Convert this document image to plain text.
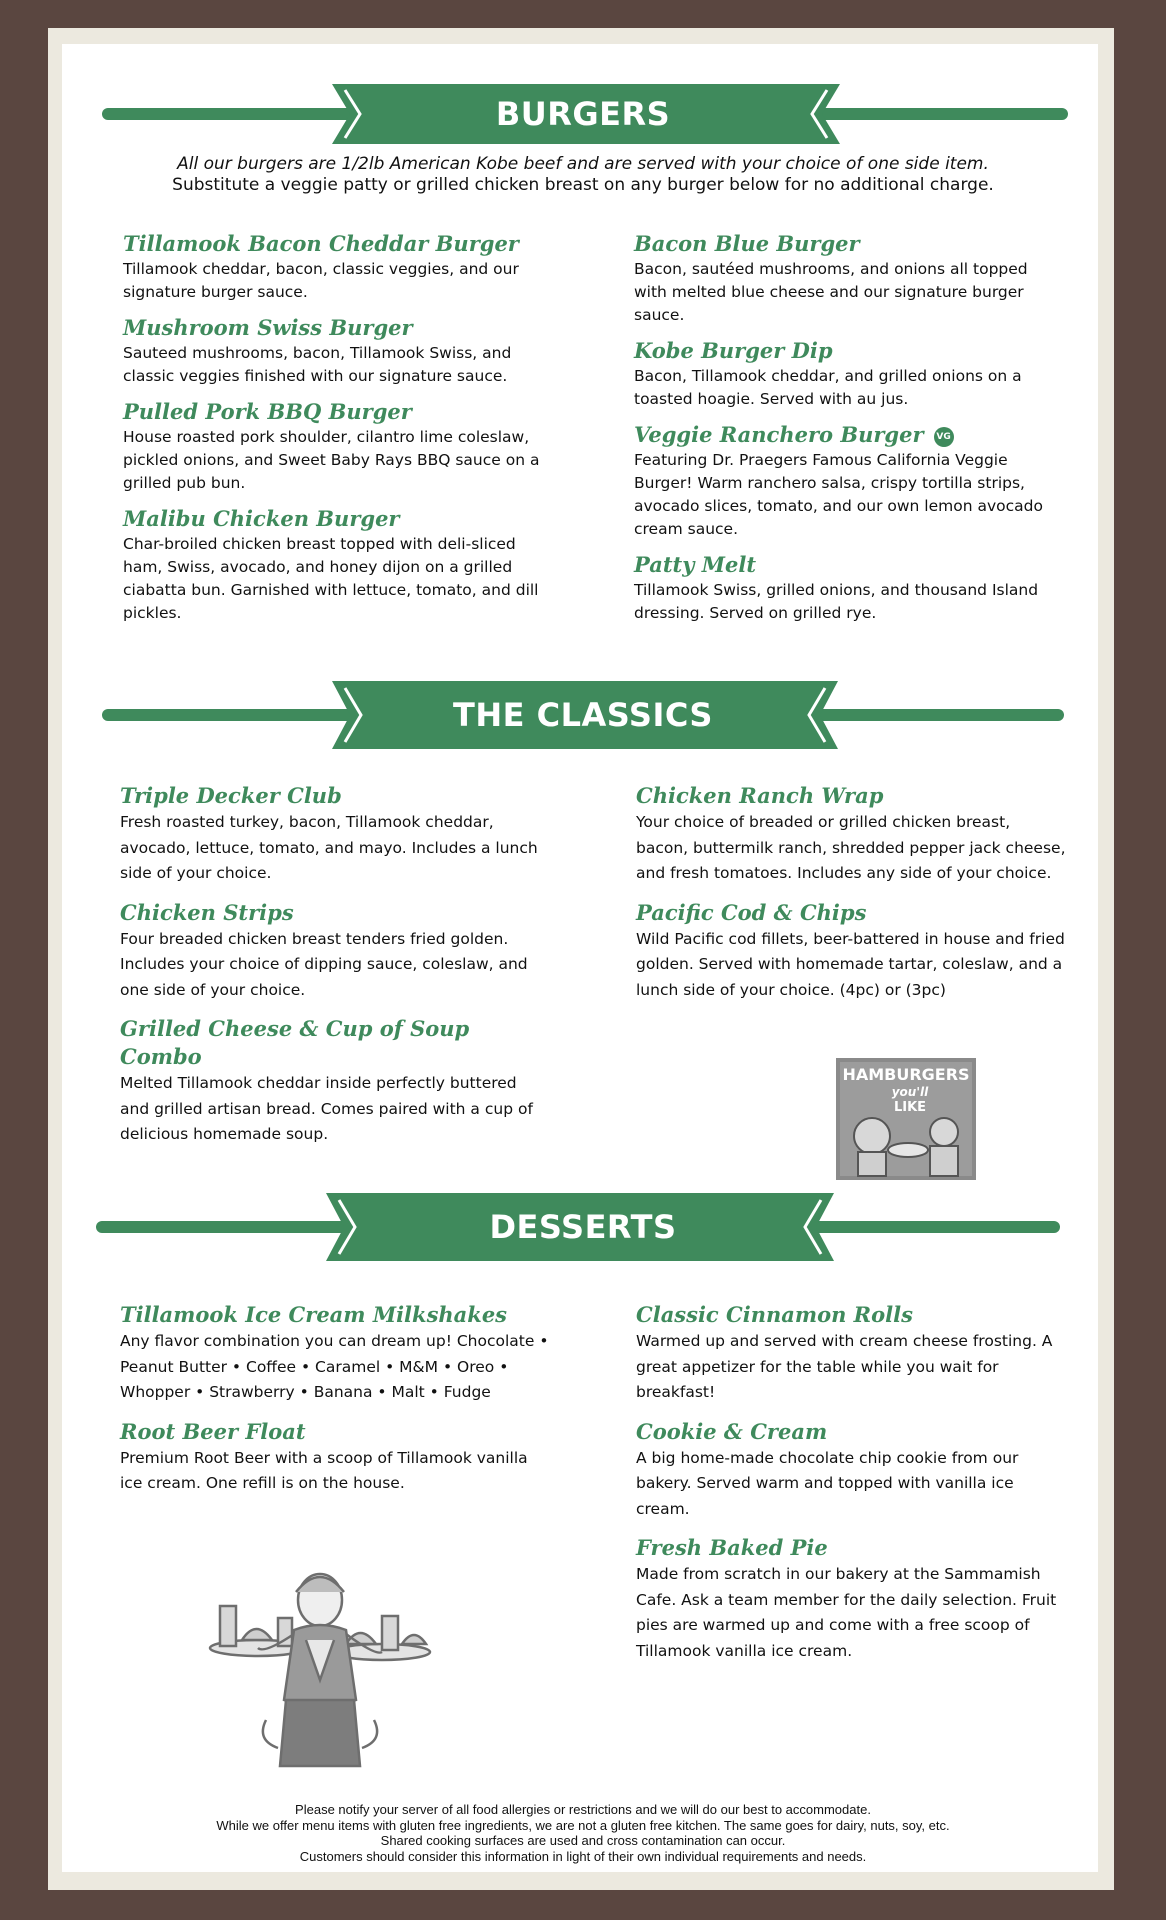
BURGERS
All our burgers are 1/2lb American Kobe beef and are served with your choice of one side item.
Substitute a veggie patty or grilled chicken breast on any burger below for no additional charge.
Tillamook Bacon Cheddar Burger
Tillamook cheddar, bacon, classic veggies, and our signature burger sauce.
Mushroom Swiss Burger
Sauteed mushrooms, bacon, Tillamook Swiss, and classic veggies finished with our signature sauce.
Pulled Pork BBQ Burger
House roasted pork shoulder, cilantro lime coleslaw, pickled onions, and Sweet Baby Rays BBQ sauce on a grilled pub bun.
Malibu Chicken Burger
Char-broiled chicken breast topped with deli-sliced ham, Swiss, avocado, and honey dijon on a grilled ciabatta bun. Garnished with lettuce, tomato, and dill pickles.
Bacon Blue Burger
Bacon, sautéed mushrooms, and onions all topped with melted blue cheese and our signature burger sauce.
Kobe Burger Dip
Bacon, Tillamook cheddar, and grilled onions on a toasted hoagie. Served with au jus.
Veggie Ranchero Burger VG
Featuring Dr. Praegers Famous California Veggie Burger! Warm ranchero salsa, crispy tortilla strips, avocado slices, tomato, and our own lemon avocado cream sauce.
Patty Melt
Tillamook Swiss, grilled onions, and thousand Island dressing. Served on grilled rye.
THE CLASSICS
Triple Decker Club
Fresh roasted turkey, bacon, Tillamook cheddar, avocado, lettuce, tomato, and mayo. Includes a lunch side of your choice.
Chicken Strips
Four breaded chicken breast tenders fried golden. Includes your choice of dipping sauce, coleslaw, and one side of your choice.
Grilled Cheese & Cup of Soup Combo
Melted Tillamook cheddar inside perfectly buttered and grilled artisan bread. Comes paired with a cup of delicious homemade soup.
Chicken Ranch Wrap
Your choice of breaded or grilled chicken breast, bacon, buttermilk ranch, shredded pepper jack cheese, and fresh tomatoes. Includes any side of your choice.
Pacific Cod & Chips
Wild Pacific cod fillets, beer-battered in house and fried golden. Served with homemade tartar, coleslaw, and a lunch side of your choice. (4pc) or (3pc)
HAMBURGERS
you'll
LIKE
DESSERTS
Tillamook Ice Cream Milkshakes
Any flavor combination you can dream up! Chocolate • Peanut Butter • Coffee • Caramel • M&M • Oreo • Whopper • Strawberry • Banana • Malt • Fudge
Root Beer Float
Premium Root Beer with a scoop of Tillamook vanilla ice cream. One refill is on the house.
Classic Cinnamon Rolls
Warmed up and served with cream cheese frosting. A great appetizer for the table while you wait for breakfast!
Cookie & Cream
A big home-made chocolate chip cookie from our bakery. Served warm and topped with vanilla ice cream.
Fresh Baked Pie
Made from scratch in our bakery at the Sammamish Cafe. Ask a team member for the daily selection. Fruit pies are warmed up and come with a free scoop of Tillamook vanilla ice cream.
Please notify your server of all food allergies or restrictions and we will do our best to accommodate.
While we offer menu items with gluten free ingredients, we are not a gluten free kitchen. The same goes for dairy, nuts, soy, etc.
Shared cooking surfaces are used and cross contamination can occur.
Customers should consider this information in light of their own individual requirements and needs.
